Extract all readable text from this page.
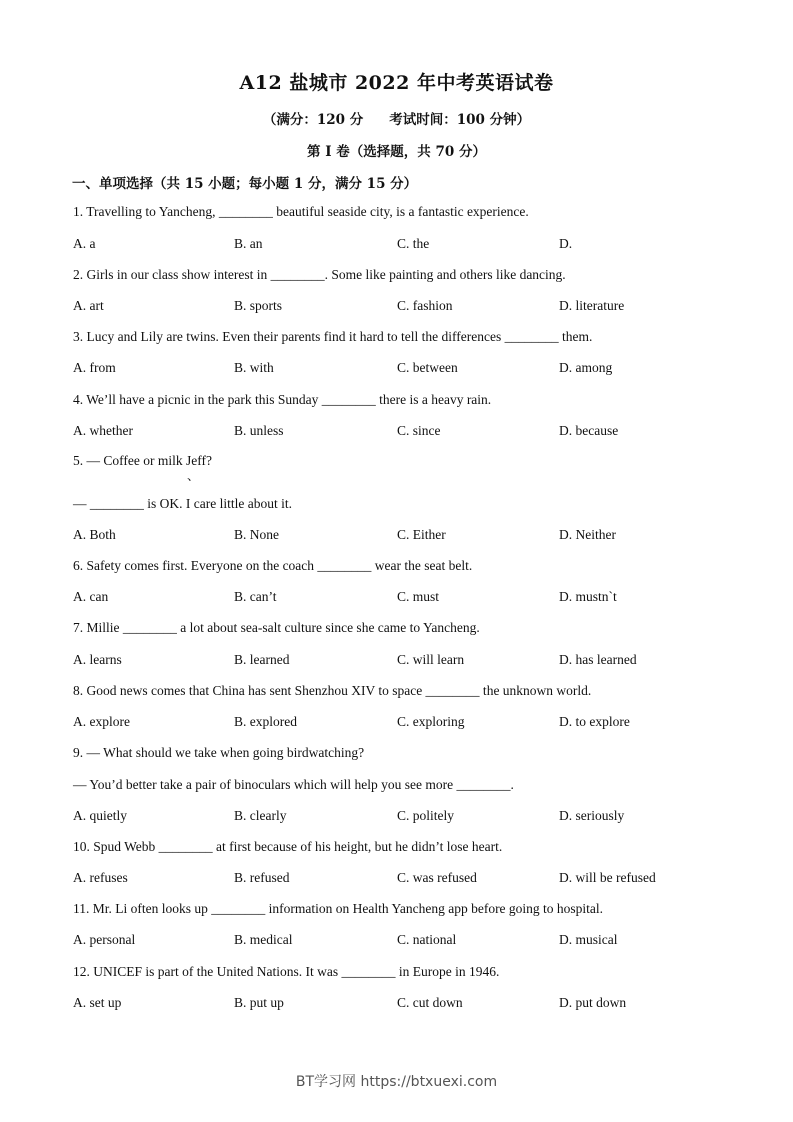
A12 盐城市 2022 年中考英语试卷
（满分：120 分 考试时间：100 分钟）
第 I 卷（选择题，共 70 分）
一、单项选择（共 15 小题；每小题 1 分，满分 15 分）
1. Travelling to Yancheng, ________ beautiful seaside city, is a fantastic experience.
A. a	B. an	C. the	D.
2. Girls in our class show interest in ________. Some like painting and others like dancing.
A. art	B. sports	C. fashion	D. literature
3. Lucy and Lily are twins. Even their parents find it hard to tell the differences ________ them.
A. from	B. with	C. between	D. among
4. We’ll have a picnic in the park this Sunday ________ there is a heavy rain.
A. whether	B. unless	C. since	D. because
5. — Coffee or milk Jeff?
、
— ________ is OK. I care little about it.
A. Both	B. None	C. Either	D. Neither
6. Safety comes first. Everyone on the coach ________ wear the seat belt.
A. can	B. can’t	C. must	D. mustn`t
7. Millie ________ a lot about sea-salt culture since she came to Yancheng.
A. learns	B. learned	C. will learn	D. has learned
8. Good news comes that China has sent Shenzhou XIV to space ________ the unknown world.
A. explore	B. explored	C. exploring	D. to explore
9. — What should we take when going birdwatching?
— You’d better take a pair of binoculars which will help you see more ________.
A. quietly	B. clearly	C. politely	D. seriously
10. Spud Webb ________ at first because of his height, but he didn’t lose heart.
A. refuses	B. refused	C. was refused	D. will be refused
11. Mr. Li often looks up ________ information on Health Yancheng app before going to hospital.
A. personal	B. medical	C. national	D. musical
12. UNICEF is part of the United Nations. It was ________ in Europe in 1946.
A. set up	B. put up	C. cut down	D. put down
BT学习网 https://btxuexi.com
